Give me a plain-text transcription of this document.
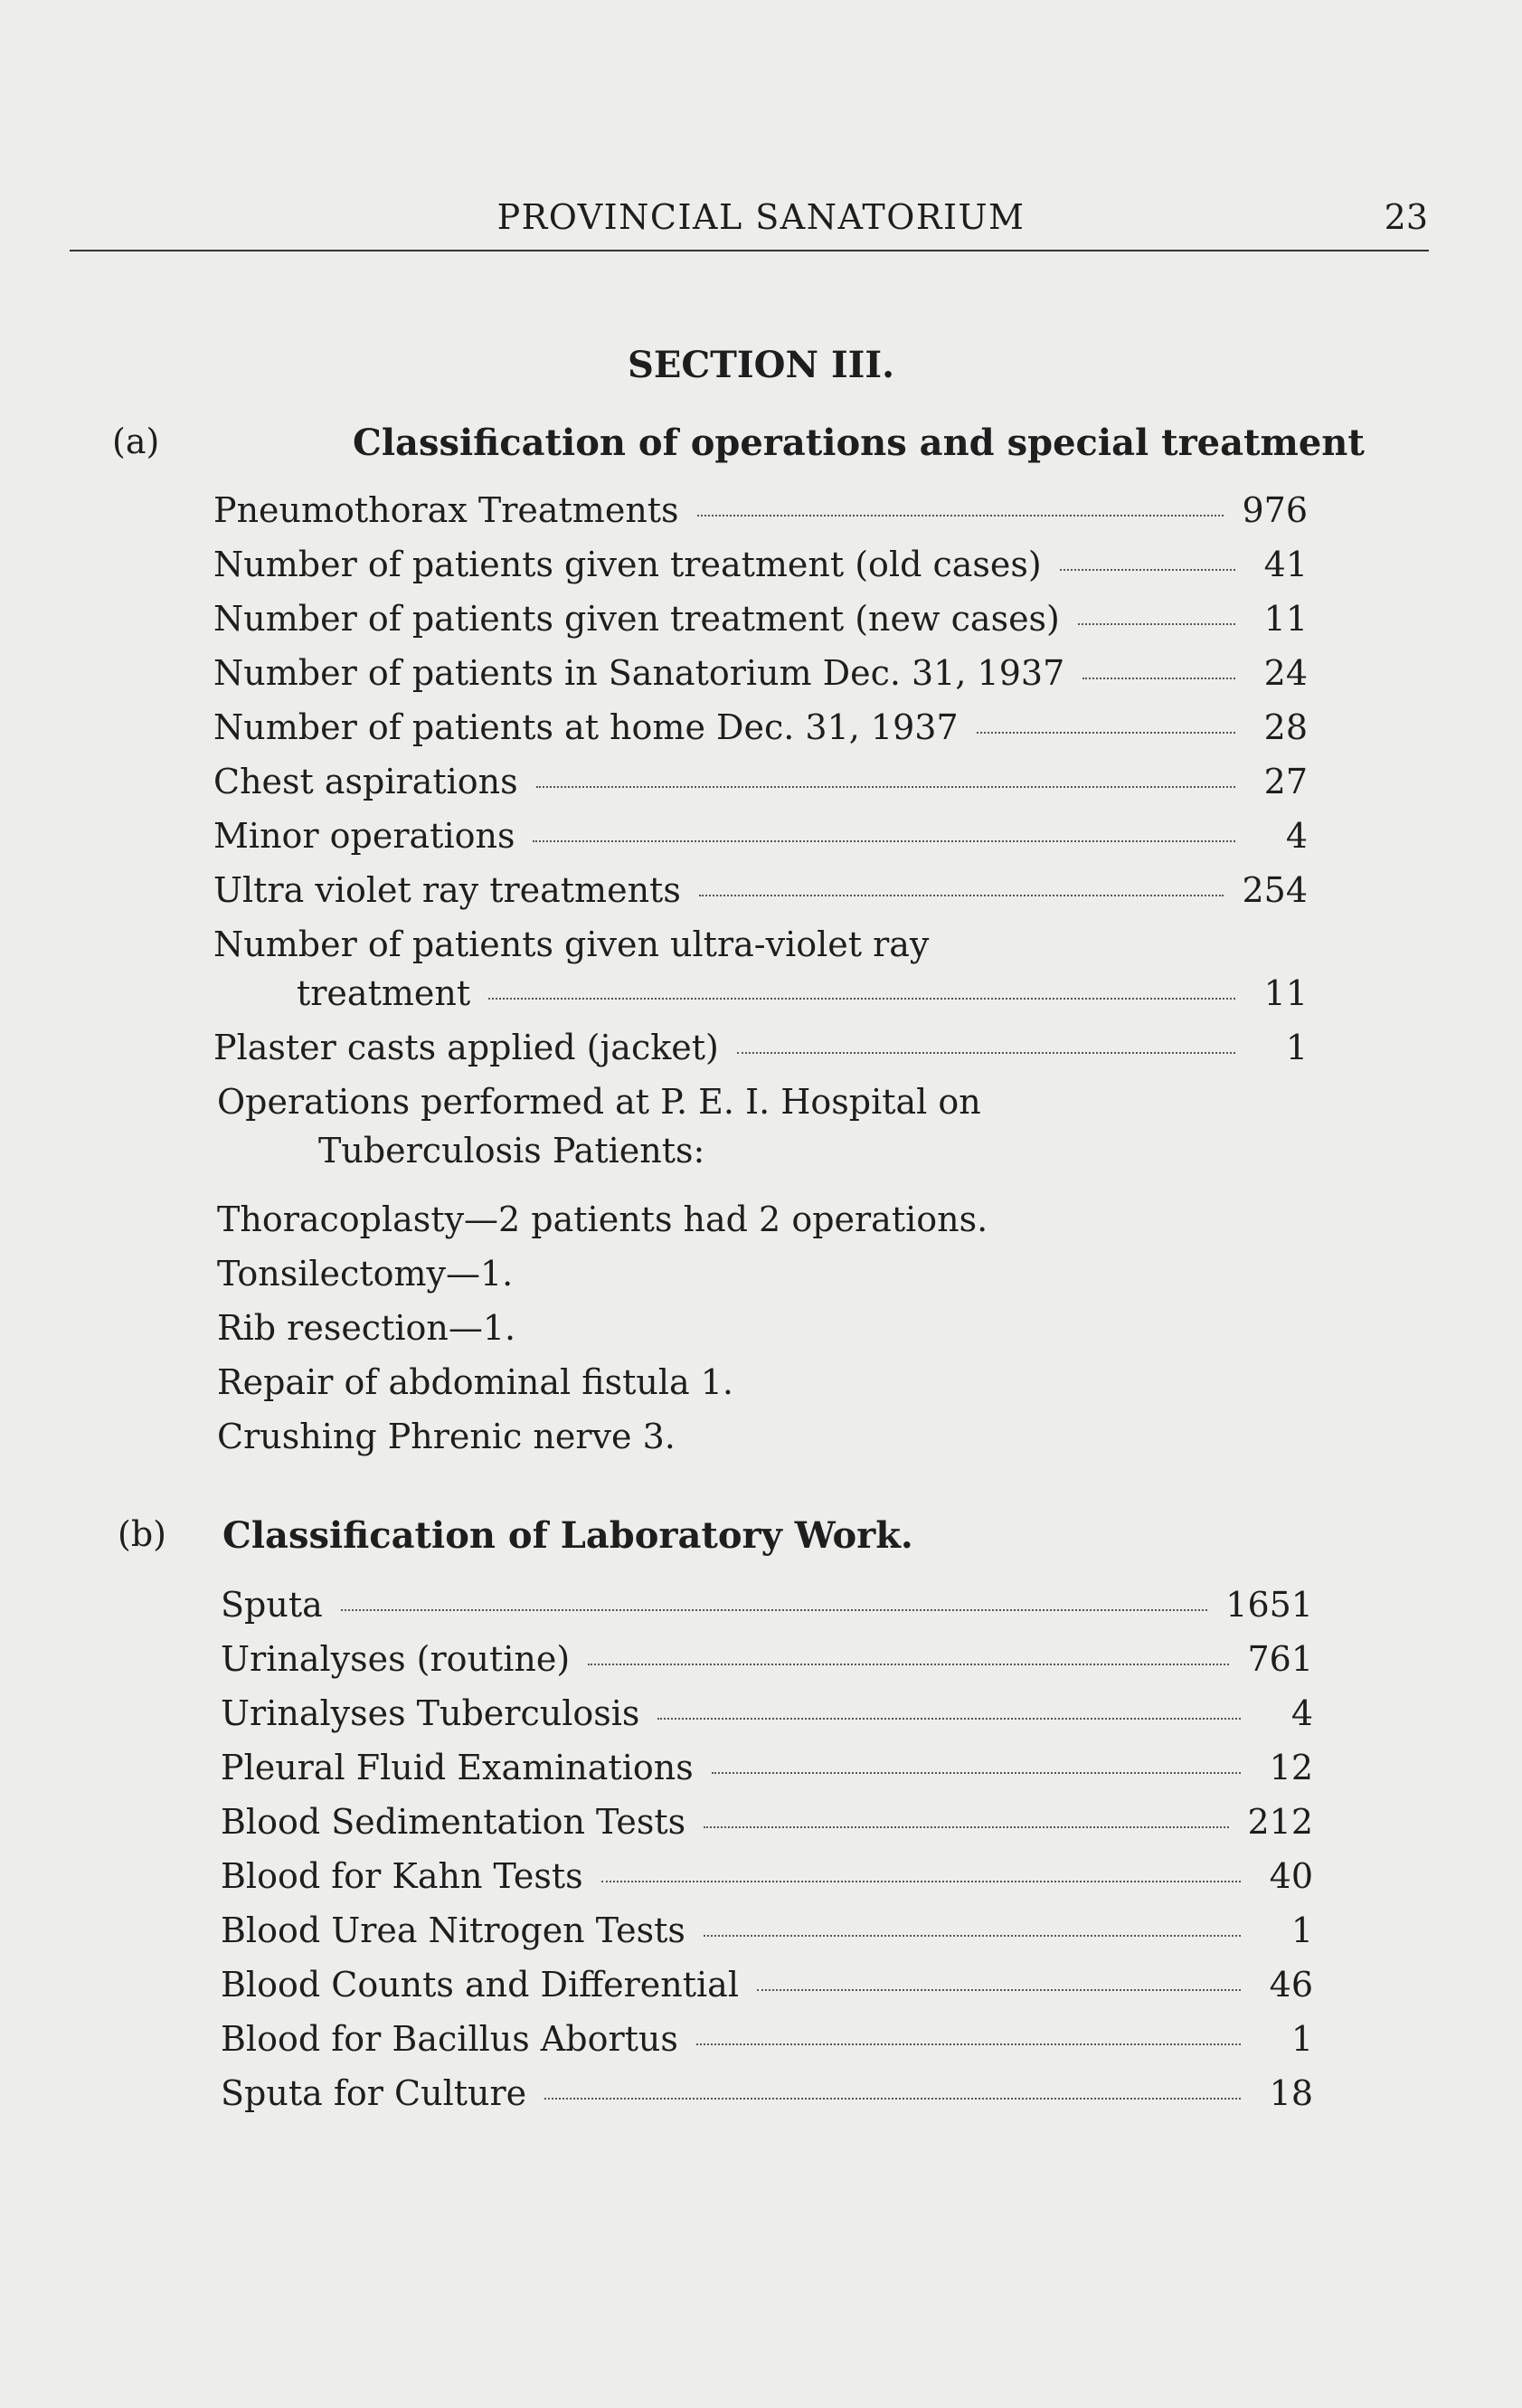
PROVINCIAL SANATORIUM	23
SECTION III.
(a)	Classification of operations and special treatment
Pneumothorax Treatments	976
Number of patients given treatment (old cases)	41
Number of patients given treatment (new cases)	11
Number of patients in Sanatorium Dec. 31, 1937	24
Number of patients at home Dec. 31, 1937	28
Chest aspirations	27
Minor operations	4
Ultra violet ray treatments	254
Number of patients given ultra-violet ray
treatment	11
Plaster casts applied (jacket)	1
Operations performed at P. E. I. Hospital on
Tuberculosis Patients:
Thoracoplasty—2 patients had 2 operations.
Tonsilectomy—1.
Rib resection—1.
Repair of abdominal fistula 1.
Crushing Phrenic nerve 3.
(b) Classification of Laboratory Work.
Sputa	1651
Urinalyses (routine)	761
Urinalyses Tuberculosis	4
Pleural Fluid Examinations	12
Blood Sedimentation Tests	212
Blood for Kahn Tests	40
Blood Urea Nitrogen Tests	1
Blood Counts and Differential	46
Blood for Bacillus Abortus	1
Sputa for Culture	18
